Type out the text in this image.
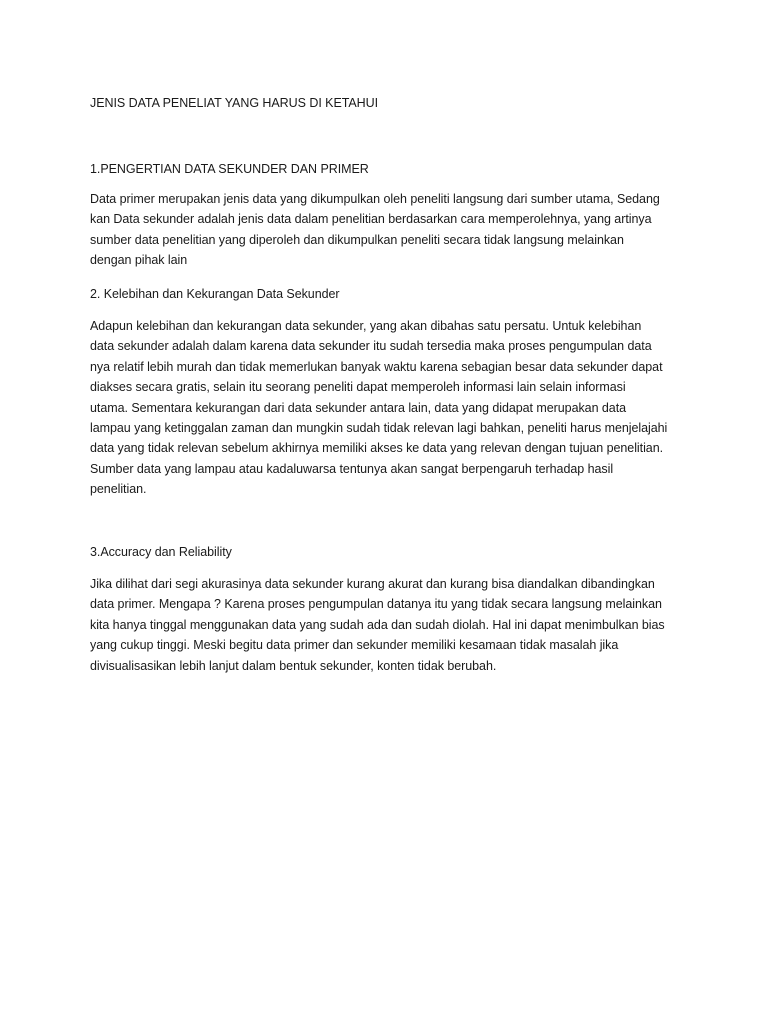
JENIS DATA PENELIAT YANG HARUS DI KETAHUI
1.PENGERTIAN DATA SEKUNDER DAN PRIMER
Data primer merupakan jenis data yang dikumpulkan oleh peneliti langsung dari sumber utama, Sedang
kan Data sekunder adalah jenis data dalam penelitian berdasarkan cara memperolehnya, yang artinya
sumber data penelitian yang diperoleh dan dikumpulkan peneliti secara tidak langsung melainkan
dengan pihak lain
2. Kelebihan dan Kekurangan Data Sekunder
Adapun kelebihan dan kekurangan data sekunder, yang akan dibahas satu persatu. Untuk kelebihan
data sekunder adalah dalam karena data sekunder itu sudah tersedia maka proses pengumpulan data
nya relatif lebih murah dan tidak memerlukan banyak waktu karena sebagian besar data sekunder dapat
diakses secara gratis, selain itu seorang peneliti dapat memperoleh informasi lain selain informasi
utama. Sementara kekurangan dari data sekunder antara lain, data yang didapat merupakan data
lampau yang ketinggalan zaman dan mungkin sudah tidak relevan lagi bahkan, peneliti harus menjelajahi
data yang tidak relevan sebelum akhirnya memiliki akses ke data yang relevan dengan tujuan penelitian.
Sumber data yang lampau atau kadaluwarsa tentunya akan sangat berpengaruh terhadap hasil
penelitian.
3.Accuracy dan Reliability
Jika dilihat dari segi akurasinya data sekunder kurang akurat dan kurang bisa diandalkan dibandingkan
data primer. Mengapa ? Karena proses pengumpulan datanya itu yang tidak secara langsung melainkan
kita hanya tinggal menggunakan data yang sudah ada dan sudah diolah. Hal ini dapat menimbulkan bias
yang cukup tinggi. Meski begitu data primer dan sekunder memiliki kesamaan tidak masalah jika
divisualisasikan lebih lanjut dalam bentuk sekunder, konten tidak berubah.
